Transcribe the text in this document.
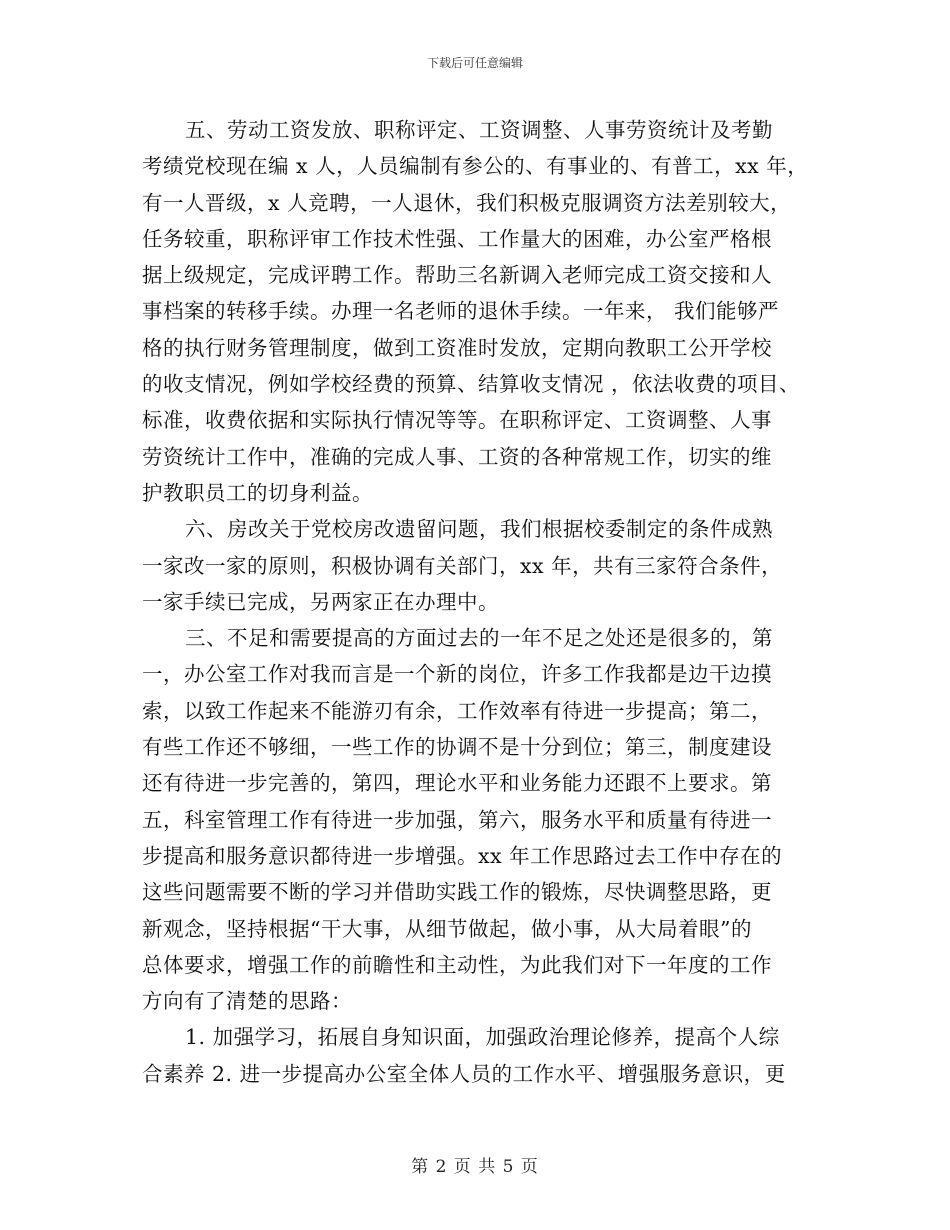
下载后可任意编辑
五、劳动工资发放、职称评定、工资调整、人事劳资统计及考勤
考绩党校现在编 x 人，人员编制有参公的、有事业的、有普工，xx 年，
有一人晋级，x 人竞聘，一人退休，我们积极克服调资方法差别较大，
任务较重，职称评审工作技术性强、工作量大的困难，办公室严格根
据上级规定，完成评聘工作。帮助三名新调入老师完成工资交接和人
事档案的转移手续。办理一名老师的退休手续。一年来， 我们能够严
格的执行财务管理制度，做到工资准时发放，定期向教职工公开学校
的收支情况，例如学校经费的预算、结算收支情况 ，依法收费的项目、
标准，收费依据和实际执行情况等等。在职称评定、工资调整、人事
劳资统计工作中，准确的完成人事、工资的各种常规工作，切实的维
护教职员工的切身利益。
六、房改关于党校房改遗留问题，我们根据校委制定的条件成熟
一家改一家的原则，积极协调有关部门，xx 年，共有三家符合条件，
一家手续已完成，另两家正在办理中。
三、不足和需要提高的方面过去的一年不足之处还是很多的，第
一，办公室工作对我而言是一个新的岗位，许多工作我都是边干边摸
索，以致工作起来不能游刃有余，工作效率有待进一步提高；第二，
有些工作还不够细，一些工作的协调不是十分到位；第三，制度建设
还有待进一步完善的，第四，理论水平和业务能力还跟不上要求。第
五，科室管理工作有待进一步加强，第六，服务水平和质量有待进一
步提高和服务意识都待进一步增强。xx 年工作思路过去工作中存在的
这些问题需要不断的学习并借助实践工作的锻炼，尽快调整思路，更
新观念，坚持根据“干大事，从细节做起，做小事，从大局着眼”的
总体要求，增强工作的前瞻性和主动性，为此我们对下一年度的工作
方向有了清楚的思路：
1. 加强学习，拓展自身知识面，加强政治理论修养，提高个人综
合素养 2. 进一步提高办公室全体人员的工作水平、增强服务意识，更
第 2 页 共 5 页
